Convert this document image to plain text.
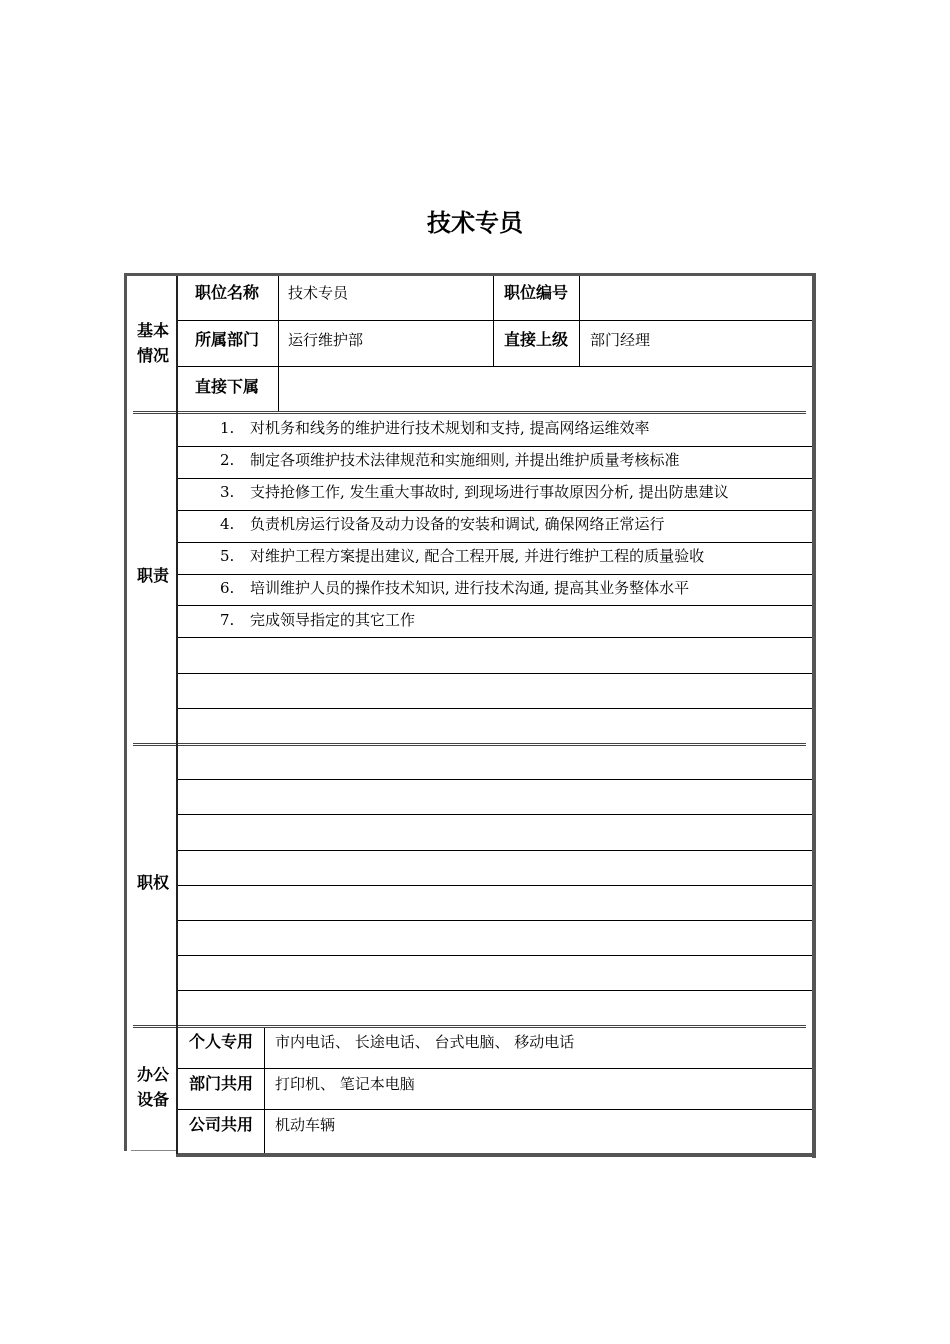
技术专员
基本
情况
职位名称 技术专员	职位编号
所属部门 运行维护部	直接上级 部门经理
直接下属
职责
1. 对机务和线务的维护进行技术规划和支持, 提高网络运维效率
2. 制定各项维护技术法律规范和实施细则, 并提出维护质量考核标准
3. 支持抢修工作, 发生重大事故时, 到现场进行事故原因分析, 提出防患建议
4. 负责机房运行设备及动力设备的安装和调试, 确保网络正常运行
5. 对维护工程方案提出建议, 配合工程开展, 并进行维护工程的质量验收
6. 培训维护人员的操作技术知识, 进行技术沟通, 提高其业务整体水平
7. 完成领导指定的其它工作
职权
办公
设备
个人专用 市内电话、 长途电话、 台式电脑、 移动电话
部门共用 打印机、 笔记本电脑
公司共用 机动车辆
